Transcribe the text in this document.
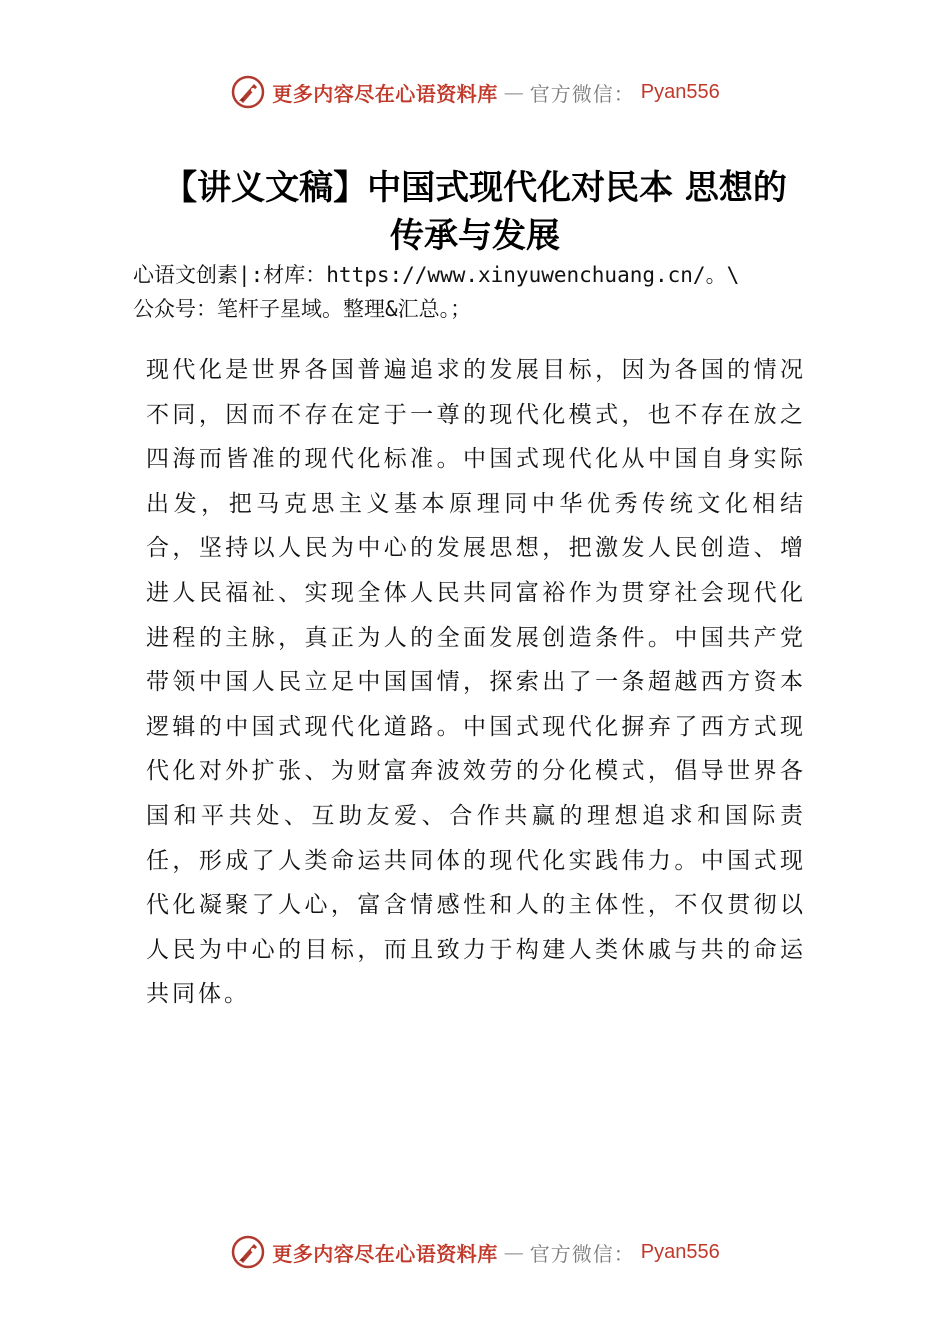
更多内容尽在心语资料库 — 官方微信： Pyan556
【讲义文稿】中国式现代化对民本 思想的
传承与发展
心语文创素|:材库：https://www.xinyuwenchuang.cn/。\
公众号：笔杆子星域。整理&汇总。；
现代化是世界各国普遍追求的发展目标，因为各国的情况不同，因而不存在定于一尊的现代化模式，也不存在放之四海而皆准的现代化标准。中国式现代化从中国自身实际出发，把马克思主义基本原理同中华优秀传统文化相结合，坚持以人民为中心的发展思想，把激发人民创造、增进人民福祉、实现全体人民共同富裕作为贯穿社会现代化进程的主脉，真正为人的全面发展创造条件。中国共产党带领中国人民立足中国国情，探索出了一条超越西方资本逻辑的中国式现代化道路。中国式现代化摒弃了西方式现代化对外扩张、为财富奔波效劳的分化模式，倡导世界各国和平共处、互助友爱、合作共赢的理想追求和国际责任，形成了人类命运共同体的现代化实践伟力。中国式现代化凝聚了人心，富含情感性和人的主体性，不仅贯彻以人民为中心的目标，而且致力于构建人类休戚与共的命运共同体。
更多内容尽在心语资料库 — 官方微信： Pyan556
